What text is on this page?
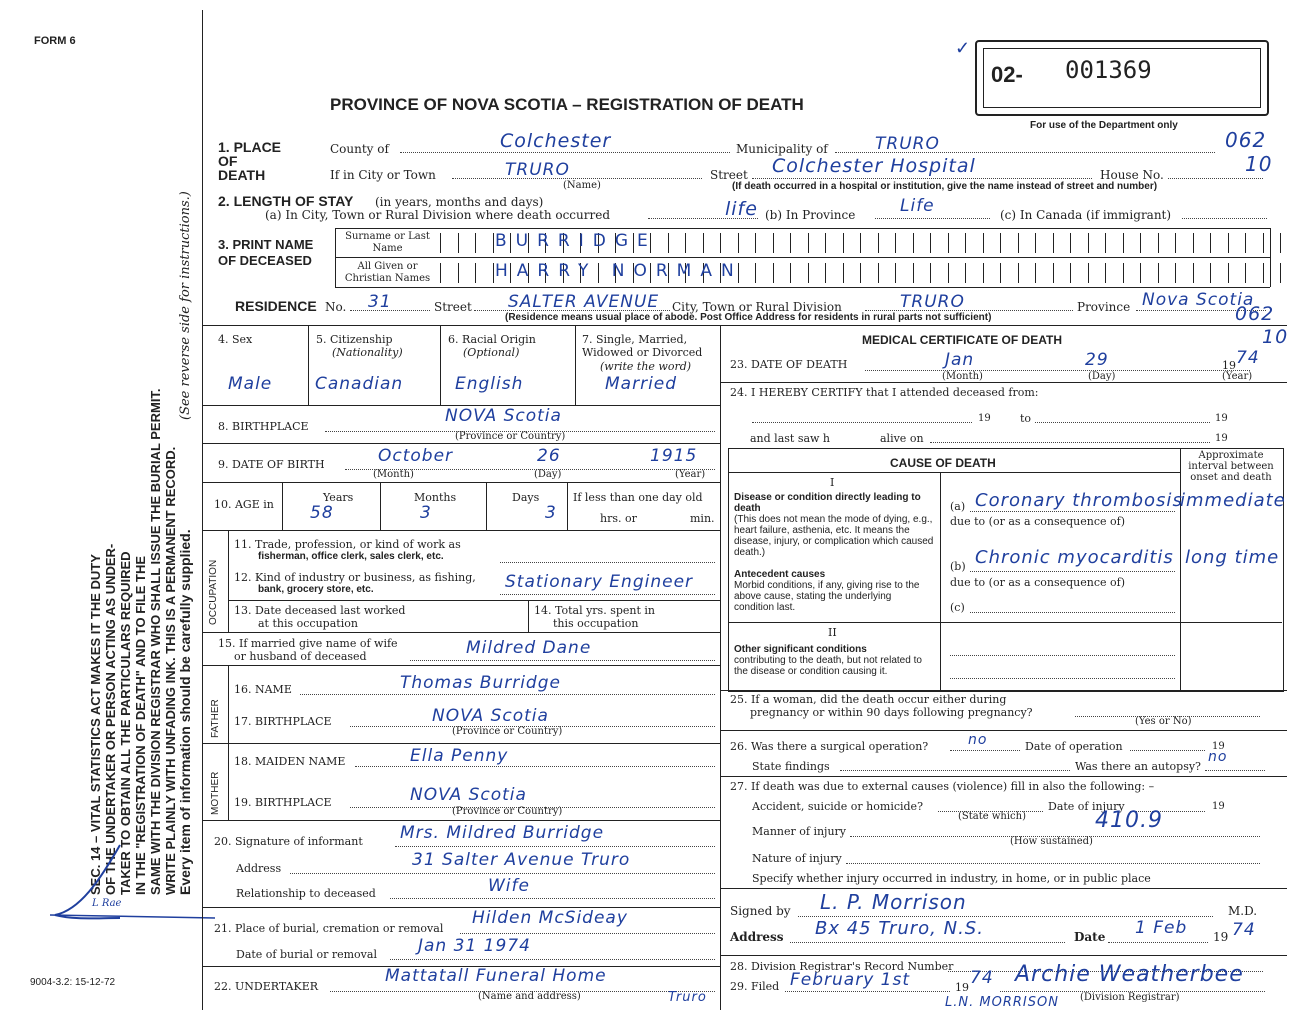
FORM 6
SEC. 14 – VITAL STATISTICS ACT MAKES IT THE DUTY OF THE UNDERTAKER OR PERSON ACTING AS UNDER- TAKER TO OBTAIN ALL THE PARTICULARS REQUIRED IN THE "REGISTRATION OF DEATH" AND TO FILE THE SAME WITH THE DIVISION REGISTRAR WHO SHALL ISSUE THE BURIAL PERMIT. WRITE PLAINLY WITH UNFADING INK. THIS IS A PERMANENT RECORD. Every item of information should be carefully supplied.
(See reverse side for instructions.)
L Rae
9004-3.2: 15-12-72
✓
02- 001369
For use of the Department only
PROVINCE OF NOVA SCOTIA – REGISTRATION OF DEATH
1. PLACE OF DEATH
County of	Colchester	Municipality of	TRURO	062
If in City or Town	TRURO
(Name)
Street Colchester Hospital	House No.	10
(If death occurred in a hospital or institution, give the name instead of street and number)
2. LENGTH OF STAY (in years, months and days)
(a) In City, Town or Rural Division where death occurred	life (b) In Province	Life	(c) In Canada (if immigrant)
3. PRINT NAME
OF DECEASED
Surname or Last Name
All Given or Christian Names
BURRIDGE
HARRY NORMAN
RESIDENCE No. 31	Street SALTER AVENUE City, Town or Rural Division	TRURO	Province Nova Scotia
062
10
(Residence means usual place of abode. Post Office Address for residents in rural parts not sufficient)
4. Sex
Male
5. Citizenship
(Nationality)
Canadian
6. Racial Origin
(Optional)
English
7. Single, Married, Widowed or Divorced
(write the word)
Married
8. BIRTHPLACE
NOVA Scotia
(Province or Country)
9. DATE OF BIRTH	October	26	1915
(Month)	(Day)	(Year)
10. AGE in
Years
58
Months
3
Days
3
If less than one day old
hrs. or	min.
OCCUPATION
11. Trade, profession, or kind of work as
fisherman, office clerk, sales clerk, etc.
12. Kind of industry or business, as fishing,
bank, grocery store, etc.	Stationary Engineer
13. Date deceased last worked
at this occupation
14. Total yrs. spent in
this occupation
15. If married give name of wife
or husband of deceased	Mildred Dane
FATHER
16. NAME	Thomas Burridge
17. BIRTHPLACE	NOVA Scotia
(Province or Country)
MOTHER
18. MAIDEN NAME	Ella Penny
19. BIRTHPLACE	NOVA Scotia
(Province or Country)
20. Signature of informant Mrs. Mildred Burridge
Address	31 Salter Avenue Truro
Relationship to deceased	Wife
21. Place of burial, cremation or removal
Hilden McSideay
Date of burial or removal Jan 31 1974
22. UNDERTAKER
Mattatall Funeral Home
Truro
(Name and address)
MEDICAL CERTIFICATE OF DEATH
23. DATE OF DEATH	Jan	29	19 74
(Month)	(Day)	(Year)
24. I HEREBY CERTIFY that I attended deceased from:
19	to	19
and last saw h	alive on	19
CAUSE OF DEATH
Approximate interval between onset and death
I
Disease or condition directly leading to death
(This does not mean the mode of dying, e.g., heart failure, asthenia, etc. It means the disease, injury, or complication which caused death.)
Antecedent causes
Morbid conditions, if any, giving rise to the above cause, stating the underlying condition last.
(a) Coronary thrombosis
immediate
due to (or as a consequence of)
(b) Chronic myocarditis long time
due to (or as a consequence of)
(c)
II
Other significant conditions
contributing to the death, but not related to the disease or condition causing it.
25. If a woman, did the death occur either during
pregnancy or within 90 days following pregnancy?
(Yes or No)
26. Was there a surgical operation?	no	Date of operation	19
State findings	Was there an autopsy?
no
27. If death was due to external causes (violence) fill in also the following: –
Accident, suicide or homicide?	Date of injury	19
(State which)
Manner of injury	410.9
(How sustained)
Nature of injury
Specify whether injury occurred in industry, in home, or in public place
Signed by L. P. Morrison	M.D.
Address Bx 45 Truro, N.S.	Date 1 Feb 19 74
28. Division Registrar's Record Number
29. Filed February 1st	19 74 Archie Weatherbee
(Division Registrar)
L.N. MORRISON
